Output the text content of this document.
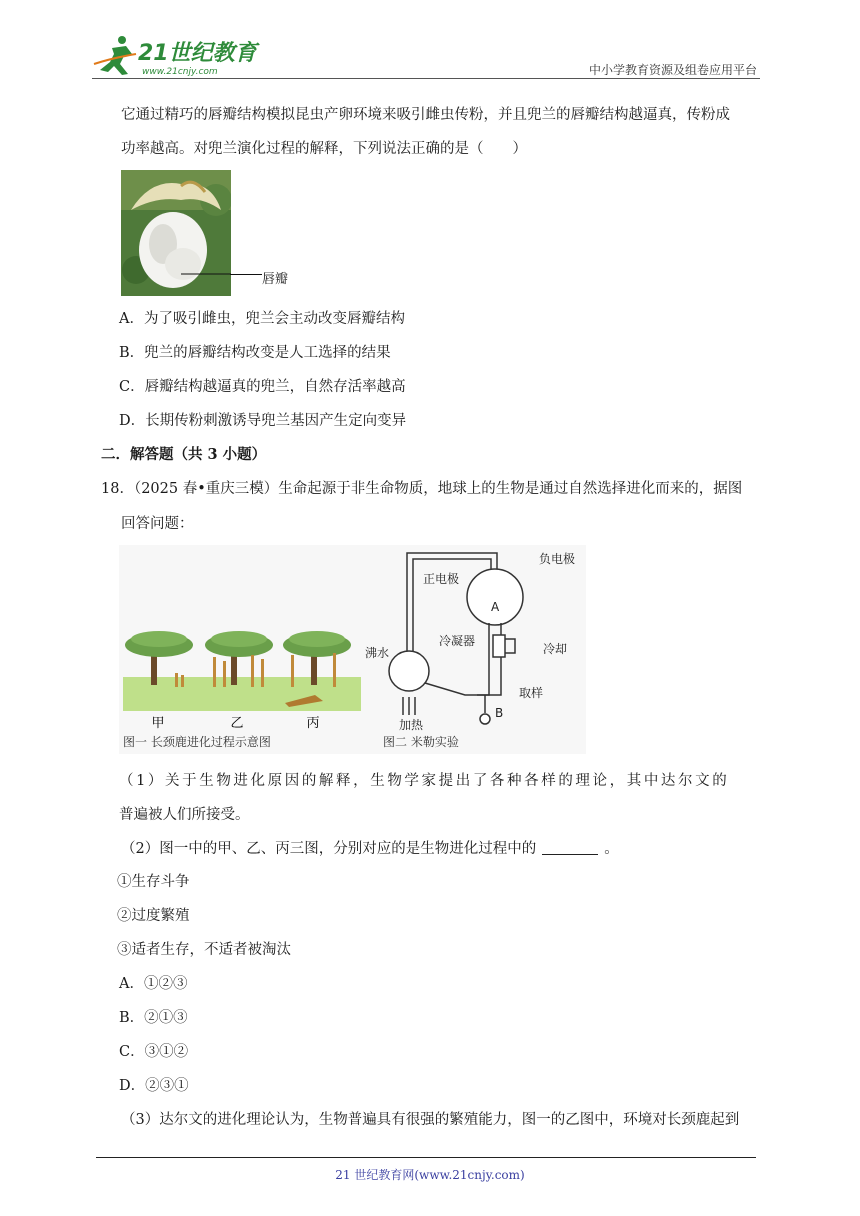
21世纪教育
www.21cnjy.com	中小学教育资源及组卷应用平台
它通过精巧的唇瓣结构模拟昆虫产卵环境来吸引雌虫传粉，并且兜兰的唇瓣结构越逼真，传粉成
功率越高。对兜兰演化过程的解释，下列说法正确的是（　　）
唇瓣
A．为了吸引雌虫，兜兰会主动改变唇瓣结构
B．兜兰的唇瓣结构改变是人工选择的结果
C．唇瓣结构越逼真的兜兰，自然存活率越高
D．长期传粉刺激诱导兜兰基因产生定向变异
二．解答题（共 3 小题）
18．（2025 春•重庆三模）生命起源于非生命物质，地球上的生物是通过自然选择进化而来的，据图
回答问题：
甲	乙	丙
图一 长颈鹿进化过程示意图
正电极
负电极
A
冷凝器
冷却
沸水
取样
加热
B
图二 米勒实验
（1）关于生物进化原因的解释，生物学家提出了各种各样的理论，其中达尔文的
普遍被人们所接受。
（2）图一中的甲、乙、丙三图，分别对应的是生物进化过程中的	。
①生存斗争
②过度繁殖
③适者生存，不适者被淘汰
A．①②③
B．②①③
C．③①②
D．②③①
（3）达尔文的进化理论认为，生物普遍具有很强的繁殖能力，图一的乙图中，环境对长颈鹿起到
21 世纪教育网(www.21cnjy.com)
